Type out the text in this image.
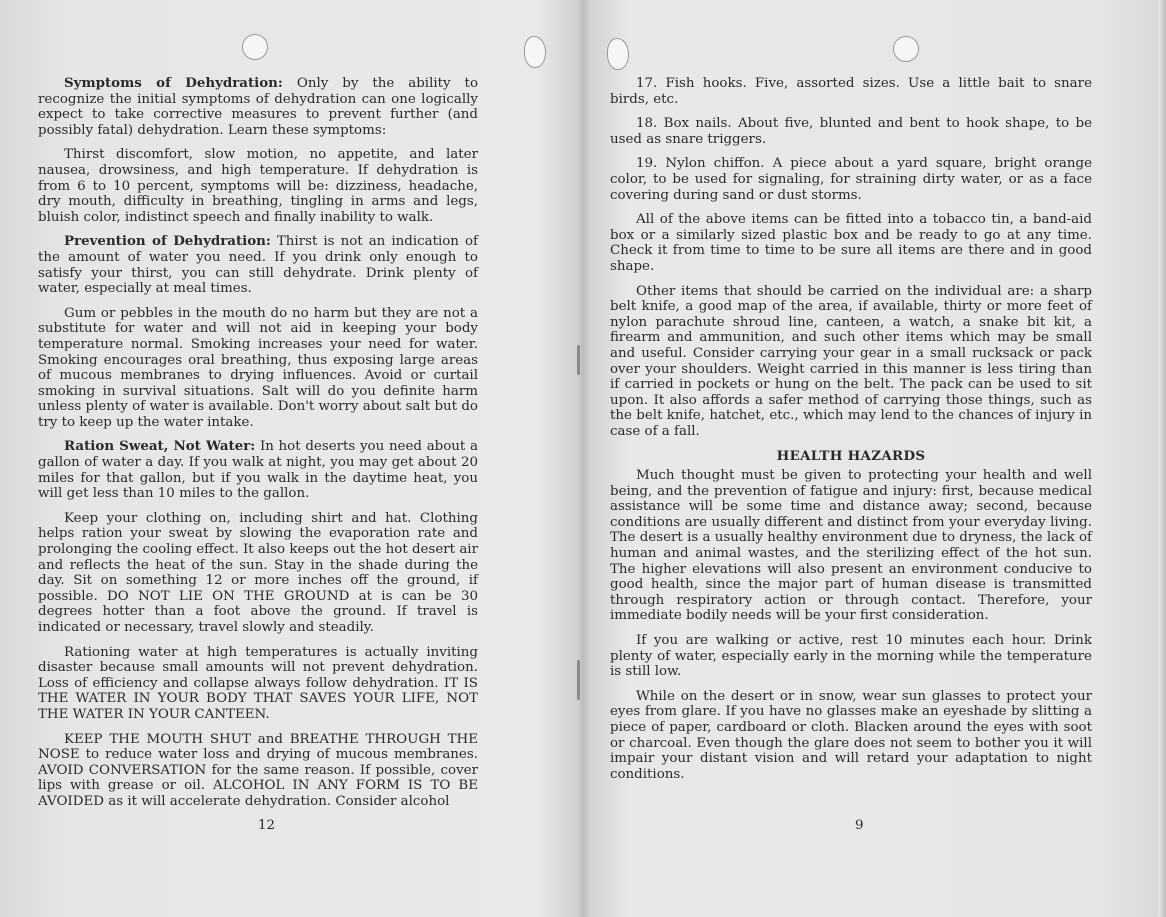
Symptoms of Dehydration: Only by the ability to recognize the initial symptoms of dehydration can one logically expect to take corrective measures to prevent further (and possibly fatal) dehydration. Learn these symptoms:

Thirst discomfort, slow motion, no appetite, and later nausea, drowsiness, and high temperature. If dehydration is from 6 to 10 percent, symptoms will be: dizziness, headache, dry mouth, difficulty in breathing, tingling in arms and legs, bluish color, indistinct speech and finally inability to walk.

Prevention of Dehydration: Thirst is not an indication of the amount of water you need. If you drink only enough to satisfy your thirst, you can still dehydrate. Drink plenty of water, especially at meal times.

Gum or pebbles in the mouth do no harm but they are not a substitute for water and will not aid in keeping your body temperature normal. Smoking increases your need for water. Smoking encourages oral breathing, thus exposing large areas of mucous membranes to drying influences. Avoid or curtail smoking in survival situations. Salt will do you definite harm unless plenty of water is available. Don't worry about salt but do try to keep up the water intake.

Ration Sweat, Not Water: In hot deserts you need about a gallon of water a day. If you walk at night, you may get about 20 miles for that gallon, but if you walk in the daytime heat, you will get less than 10 miles to the gallon.

Keep your clothing on, including shirt and hat. Clothing helps ration your sweat by slowing the evaporation rate and prolonging the cooling effect. It also keeps out the hot desert air and reflects the heat of the sun. Stay in the shade during the day. Sit on something 12 or more inches off the ground, if possible. DO NOT LIE ON THE GROUND at is can be 30 degrees hotter than a foot above the ground. If travel is indicated or necessary, travel slowly and steadily.

Rationing water at high temperatures is actually inviting disaster because small amounts will not prevent dehydration. Loss of efficiency and collapse always follow dehydration. IT IS THE WATER IN YOUR BODY THAT SAVES YOUR LIFE, NOT THE WATER IN YOUR CANTEEN.

KEEP THE MOUTH SHUT and BREATHE THROUGH THE NOSE to reduce water loss and drying of mucous membranes. AVOID CONVERSATION for the same reason. If possible, cover lips with grease or oil. ALCOHOL IN ANY FORM IS TO BE AVOIDED as it will accelerate dehydration. Consider alcohol

12

17. Fish hooks. Five, assorted sizes. Use a little bait to snare birds, etc.

18. Box nails. About five, blunted and bent to hook shape, to be used as snare triggers.

19. Nylon chiffon. A piece about a yard square, bright orange color, to be used for signaling, for straining dirty water, or as a face covering during sand or dust storms.

All of the above items can be fitted into a tobacco tin, a band-aid box or a similarly sized plastic box and be ready to go at any time. Check it from time to time to be sure all items are there and in good shape.

Other items that should be carried on the individual are: a sharp belt knife, a good map of the area, if available, thirty or more feet of nylon parachute shroud line, canteen, a watch, a snake bit kit, a firearm and ammunition, and such other items which may be small and useful. Consider carrying your gear in a small rucksack or pack over your shoulders. Weight carried in this manner is less tiring than if carried in pockets or hung on the belt. The pack can be used to sit upon. It also affords a safer method of carrying those things, such as the belt knife, hatchet, etc., which may lend to the chances of injury in case of a fall.

HEALTH HAZARDS

Much thought must be given to protecting your health and well being, and the prevention of fatigue and injury: first, because medical assistance will be some time and distance away; second, because conditions are usually different and distinct from your everyday living. The desert is a usually healthy environment due to dryness, the lack of human and animal wastes, and the sterilizing effect of the hot sun. The higher elevations will also present an environment conducive to good health, since the major part of human disease is transmitted through respiratory action or through contact. Therefore, your immediate bodily needs will be your first consideration.

If you are walking or active, rest 10 minutes each hour. Drink plenty of water, especially early in the morning while the temperature is still low.

While on the desert or in snow, wear sun glasses to protect your eyes from glare. If you have no glasses make an eyeshade by slitting a piece of paper, cardboard or cloth. Blacken around the eyes with soot or charcoal. Even though the glare does not seem to bother you it will impair your distant vision and will retard your adaptation to night conditions.

9
